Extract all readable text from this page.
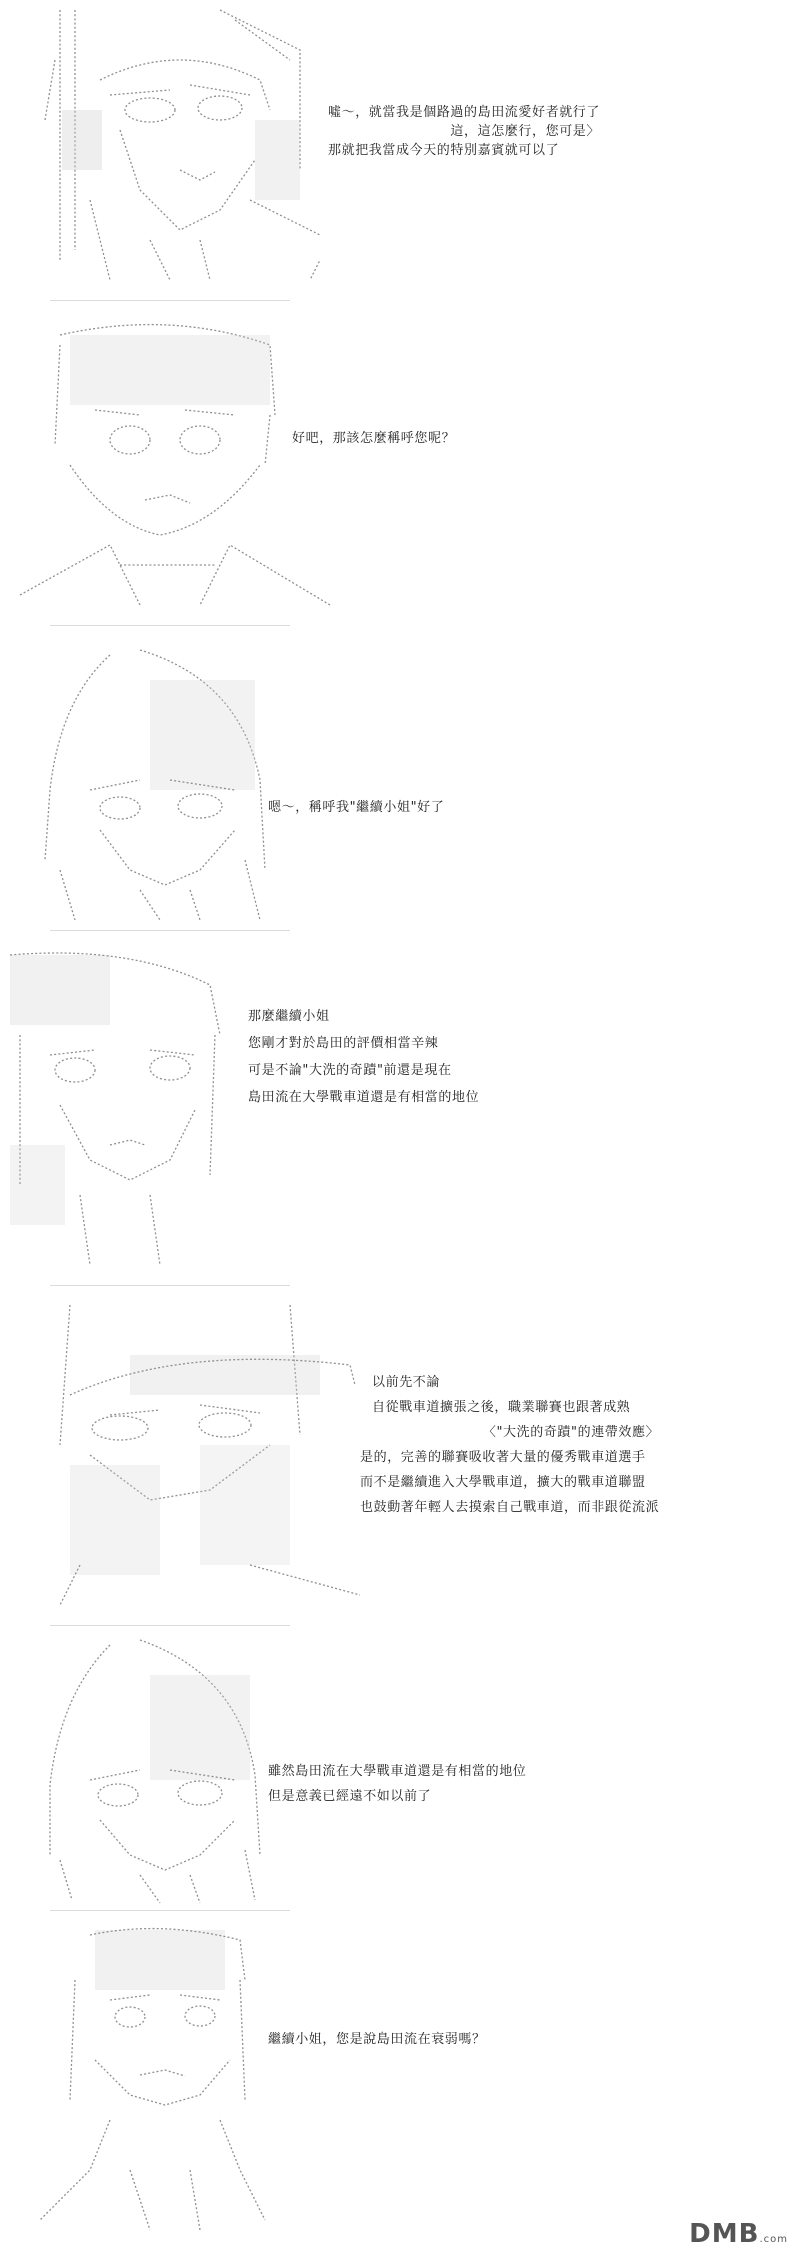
噓～，就當我是個路過的島田流愛好者就行了
這，這怎麼行，您可是〉
那就把我當成今天的特別嘉賓就可以了
好吧，那該怎麼稱呼您呢？
嗯～，稱呼我"繼續小姐"好了
那麼繼續小姐
您剛才對於島田的評價相當辛辣
可是不論"大洗的奇蹟"前還是現在
島田流在大學戰車道還是有相當的地位
以前先不論
自從戰車道擴張之後，職業聯賽也跟著成熟
〈"大洗的奇蹟"的連帶效應〉
是的，完善的聯賽吸收著大量的優秀戰車道選手
而不是繼續進入大學戰車道，擴大的戰車道聯盟
也鼓動著年輕人去摸索自己戰車道，而非跟從流派
雖然島田流在大學戰車道還是有相當的地位
但是意義已經遠不如以前了
繼續小姐，您是說島田流在衰弱嗎？
DMB.com
